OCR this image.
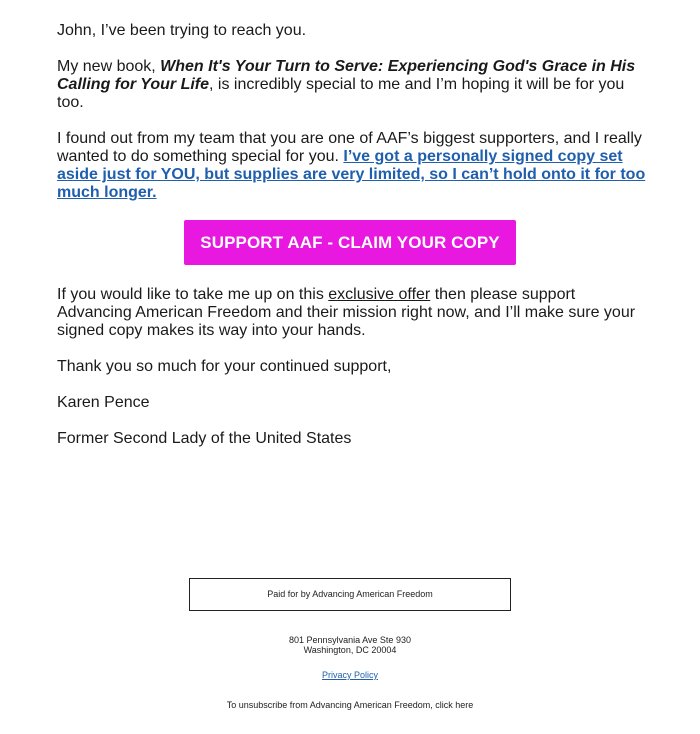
John, I’ve been trying to reach you.

My new book, When It's Your Turn to Serve: Experiencing God's Grace in His Calling for Your Life, is incredibly special to me and I’m hoping it will be for you too.

I found out from my team that you are one of AAF’s biggest supporters, and I really wanted to do something special for you. I’ve got a personally signed copy set aside just for YOU, but supplies are very limited, so I can’t hold onto it for too much longer.

SUPPORT AAF - CLAIM YOUR COPY

If you would like to take me up on this exclusive offer then please support Advancing American Freedom and their mission right now, and I’ll make sure your signed copy makes its way into your hands.

Thank you so much for your continued support,

Karen Pence

Former Second Lady of the United States

Paid for by Advancing American Freedom
801 Pennsylvania Ave Ste 930
Washington, DC 20004
Privacy Policy
To unsubscribe from Advancing American Freedom, click here
